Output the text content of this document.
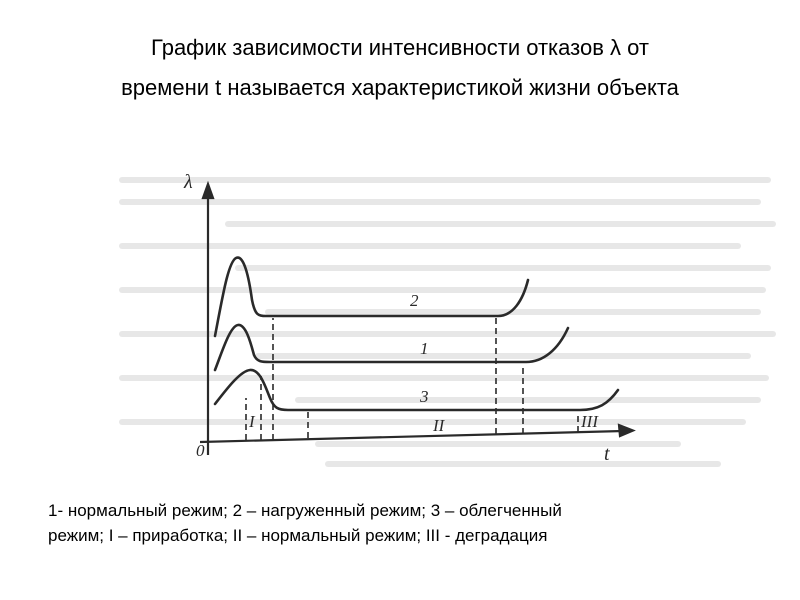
График зависимости интенсивности отказов λ от
времени t называется характеристикой жизни объекта
λ
t
0
2
1
3
I	II	III
1- нормальный режим; 2 – нагруженный режим; 3 – облегченный
режим; I – приработка; II – нормальный режим; III - деградация
